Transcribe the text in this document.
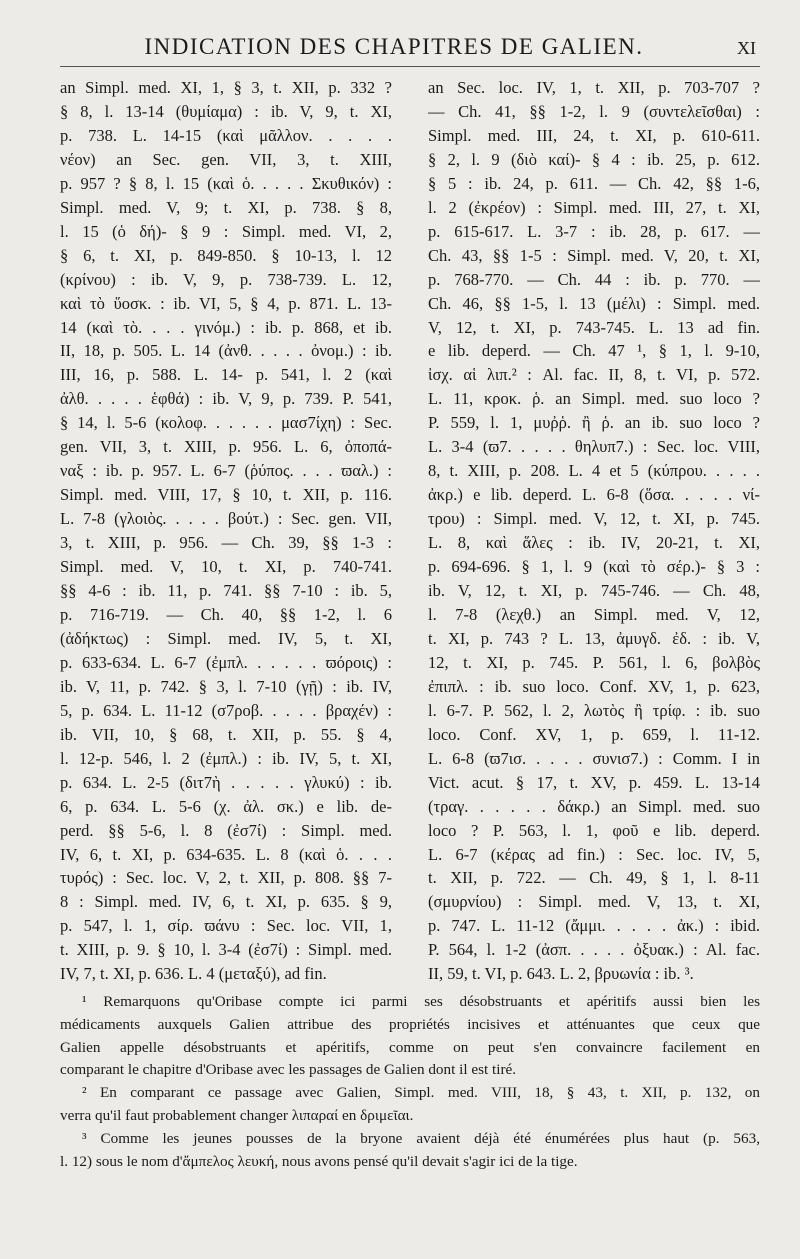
INDICATION DES CHAPITRES DE GALIEN.	XI
an Simpl. med. XI, 1, § 3, t. XII, p. 332 ?
§ 8, l. 13-14 (θυμίαμα) : ib. V, 9, t. XI,
p. 738. L. 14-15 (καὶ μᾶλλον. . . . .
νέον) an Sec. gen. VII, 3, t. XIII,
p. 957 ? § 8, l. 15 (καὶ ὁ. . . . . Σκυθικόν) :
Simpl. med. V, 9; t. XI, p. 738. § 8,
l. 15 (ὁ δή)- § 9 : Simpl. med. VI, 2,
§ 6, t. XI, p. 849-850. § 10-13, l. 12
(κρίνου) : ib. V, 9, p. 738-739. L. 12,
καὶ τὸ ὕοσκ. : ib. VI, 5, § 4, p. 871. L. 13-
14 (καὶ τὸ. . . . γινόμ.) : ib. p. 868, et ib.
II, 18, p. 505. L. 14 (ἀνθ. . . . . ὀνομ.) : ib.
III, 16, p. 588. L. 14- p. 541, l. 2 (καὶ
ἀλθ. . . . . ἑφθά) : ib. V, 9, p. 739. P. 541,
§ 14, l. 5-6 (κολοφ. . . . . . μασ7ίχη) : Sec.
gen. VII, 3, t. XIII, p. 956. L. 6, ὀποπά-
ναξ : ib. p. 957. L. 6-7 (ῥύπος. . . . ϖαλ.) :
Simpl. med. VIII, 17, § 10, t. XII, p. 116.
L. 7-8 (γλοιὸς. . . . . βούτ.) : Sec. gen. VII,
3, t. XIII, p. 956. — Ch. 39, §§ 1-3 :
Simpl. med. V, 10, t. XI, p. 740-741.
§§ 4-6 : ib. 11, p. 741. §§ 7-10 : ib. 5,
p. 716-719. — Ch. 40, §§ 1-2, l. 6
(ἀδήκτως) : Simpl. med. IV, 5, t. XI,
p. 633-634. L. 6-7 (ἐμπλ. . . . . . ϖόροις) :
ib. V, 11, p. 742. § 3, l. 7-10 (γῇ) : ib. IV,
5, p. 634. L. 11-12 (σ7ροβ. . . . . βραχέν) :
ib. VII, 10, § 68, t. XII, p. 55. § 4,
l. 12-p. 546, l. 2 (ἐμπλ.) : ib. IV, 5, t. XI,
p. 634. L. 2-5 (διτ7ὴ . . . . . γλυκύ) : ib.
6, p. 634. L. 5-6 (χ. ἀλ. σκ.) e lib. de-
perd. §§ 5-6, l. 8 (ἐσ7ί) : Simpl. med.
IV, 6, t. XI, p. 634-635. L. 8 (καὶ ὁ. . . .
τυρός) : Sec. loc. V, 2, t. XII, p. 808. §§ 7-
8 : Simpl. med. IV, 6, t. XI, p. 635. § 9,
p. 547, l. 1, σίρ. ϖάνυ : Sec. loc. VII, 1,
t. XIII, p. 9. § 10, l. 3-4 (ἐσ7ί) : Simpl. med.
IV, 7, t. XI, p. 636. L. 4 (μεταξύ), ad fin.
an Sec. loc. IV, 1, t. XII, p. 703-707 ?
— Ch. 41, §§ 1-2, l. 9 (συντελεῖσθαι) :
Simpl. med. III, 24, t. XI, p. 610-611.
§ 2, l. 9 (διὸ καί)- § 4 : ib. 25, p. 612.
§ 5 : ib. 24, p. 611. — Ch. 42, §§ 1-6,
l. 2 (ἐκρέον) : Simpl. med. III, 27, t. XI,
p. 615-617. L. 3-7 : ib. 28, p. 617. —
Ch. 43, §§ 1-5 : Simpl. med. V, 20, t. XI,
p. 768-770. — Ch. 44 : ib. p. 770. —
Ch. 46, §§ 1-5, l. 13 (μέλι) : Simpl. med.
V, 12, t. XI, p. 743-745. L. 13 ad fin.
e lib. deperd. — Ch. 47 ¹, § 1, l. 9-10,
ἰσχ. αἱ λιπ.² : Al. fac. II, 8, t. VI, p. 572.
L. 11, κροκ. ῥ. an Simpl. med. suo loco ?
P. 559, l. 1, μυῤῥ. ἢ ῥ. an ib. suo loco ?
L. 3-4 (ϖ7. . . . . θηλυπ7.) : Sec. loc. VIII,
8, t. XIII, p. 208. L. 4 et 5 (κύπρου. . . . .
ἀκρ.) e lib. deperd. L. 6-8 (ὅσα. . . . . νί-
τρου) : Simpl. med. V, 12, t. XI, p. 745.
L. 8, καὶ ἅλες : ib. IV, 20-21, t. XI,
p. 694-696. § 1, l. 9 (καὶ τὸ σέρ.)- § 3 :
ib. V, 12, t. XI, p. 745-746. — Ch. 48,
l. 7-8 (λεχθ.) an Simpl. med. V, 12,
t. XI, p. 743 ? L. 13, ἀμυγδ. ἐδ. : ib. V,
12, t. XI, p. 745. P. 561, l. 6, βολβὸς
ἐπιπλ. : ib. suo loco. Conf. XV, 1, p. 623,
l. 6-7. P. 562, l. 2, λωτὸς ἢ τρίφ. : ib. suo
loco. Conf. XV, 1, p. 659, l. 11-12.
L. 6-8 (ϖ7ισ. . . . . συνισ7.) : Comm. I in
Vict. acut. § 17, t. XV, p. 459. L. 13-14
(τραγ. . . . . . δάκρ.) an Simpl. med. suo
loco ? P. 563, l. 1, φοῦ e lib. deperd.
L. 6-7 (κέρας ad fin.) : Sec. loc. IV, 5,
t. XII, p. 722. — Ch. 49, § 1, l. 8-11
(σμυρνίου) : Simpl. med. V, 13, t. XI,
p. 747. L. 11-12 (ἄμμι. . . . . ἀκ.) : ibid.
P. 564, l. 1-2 (ἀσπ. . . . . ὀξυακ.) : Al. fac.
II, 59, t. VI, p. 643. L. 2, βρυωνία : ib. ³.
¹ Remarquons qu'Oribase compte ici parmi ses désobstruants et apéritifs aussi bien les
médicaments auxquels Galien attribue des propriétés incisives et atténuantes que ceux que
Galien appelle désobstruants et apéritifs, comme on peut s'en convaincre facilement en
comparant le chapitre d'Oribase avec les passages de Galien dont il est tiré.
² En comparant ce passage avec Galien, Simpl. med. VIII, 18, § 43, t. XII, p. 132, on
verra qu'il faut probablement changer λιπαραί en δριμεῖαι.
³ Comme les jeunes pousses de la bryone avaient déjà été énumérées plus haut (p. 563,
l. 12) sous le nom d'ἄμπελος λευκή, nous avons pensé qu'il devait s'agir ici de la tige.
